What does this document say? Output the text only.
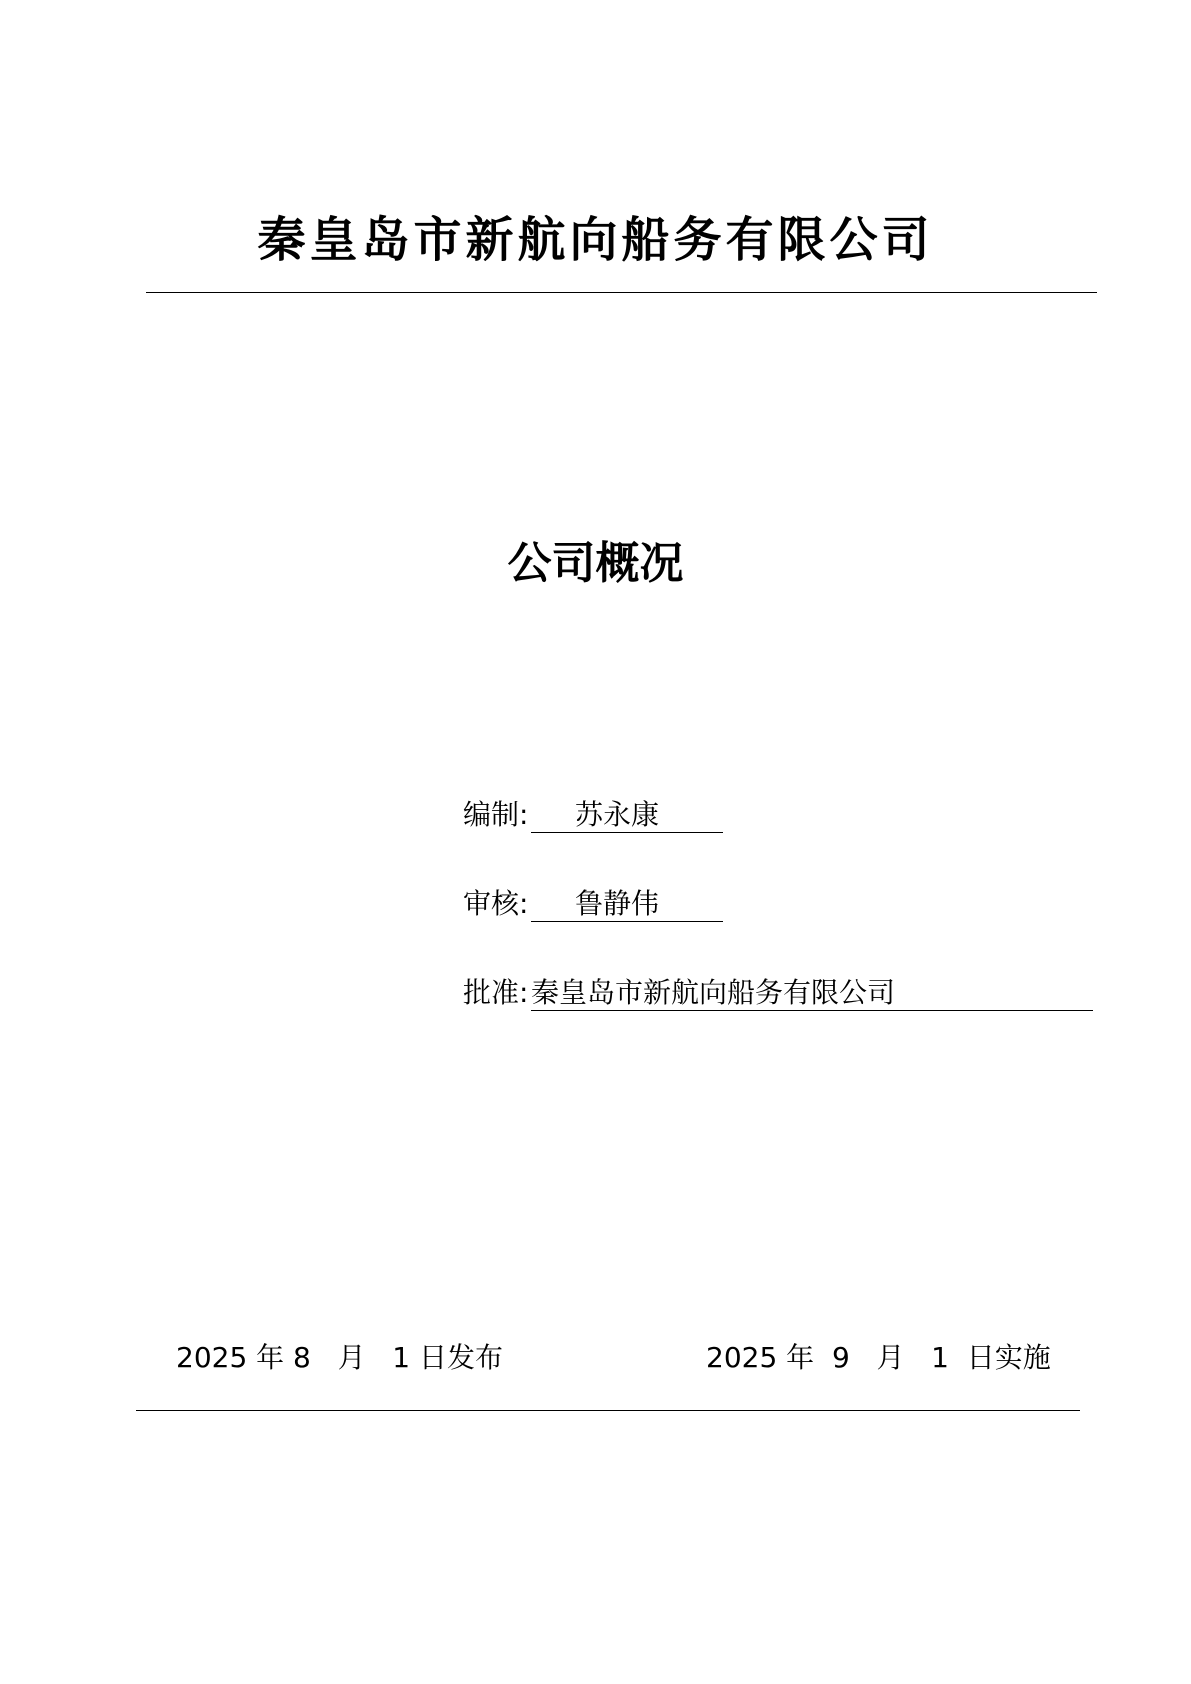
秦皇岛市新航向船务有限公司
公司概况
编制: 苏永康
审核: 鲁静伟
批准: 秦皇岛市新航向船务有限公司
2025 年 8   月   1 日发布	2025 年  9   月   1  日实施
